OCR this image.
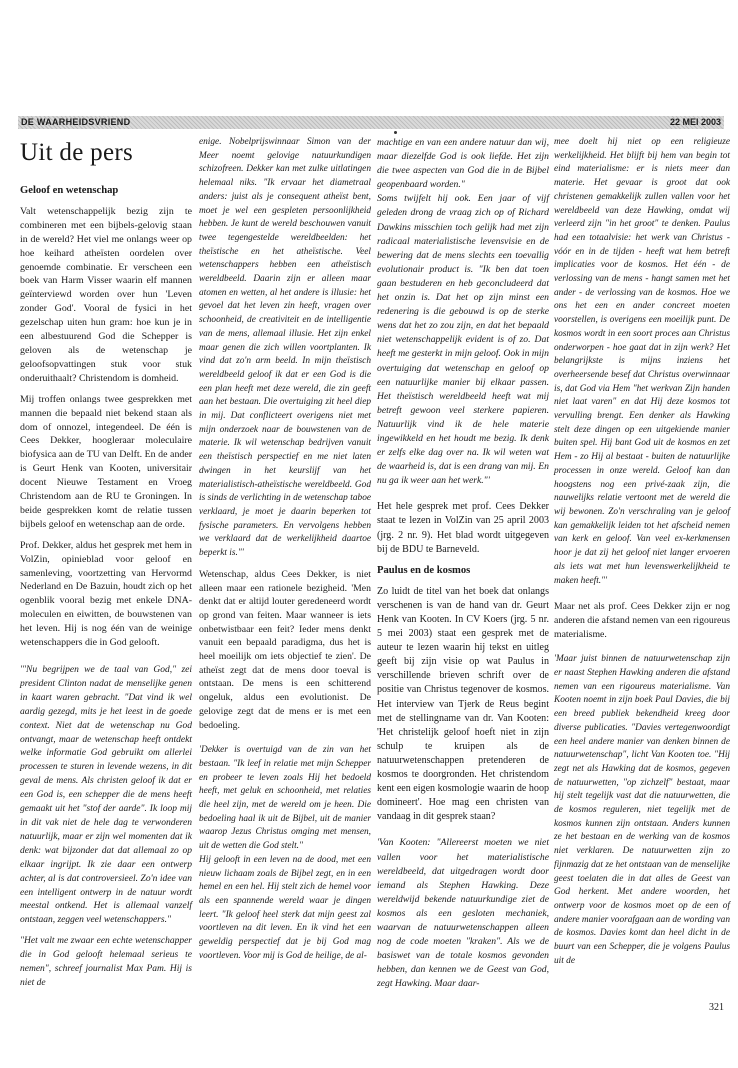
DE WAARHEIDSVRIEND	22 MEI 2003
Uit de pers

Geloof en wetenschap

Valt wetenschappelijk bezig zijn te combineren met een bijbels-gelovig staan in de wereld? Het viel me onlangs weer op hoe keihard atheïsten oordelen over genoemde combinatie. Er verscheen een boek van Harm Visser waarin elf mannen geïnterviewd worden over hun 'Leven zonder God'. Vooral de fysici in het gezelschap uiten hun gram: hoe kun je in een albestuurend God die Schepper is geloven als de wetenschap je geloofsopvattingen stuk voor stuk onderuithaalt? Christendom is domheid.

Mij troffen onlangs twee gesprekken met mannen die bepaald niet bekend staan als dom of onnozel, integendeel. De één is Cees Dekker, hoogleraar moleculaire biofysica aan de TU van Delft. En de ander is Geurt Henk van Kooten, universitair docent Nieuwe Testament en Vroeg Christendom aan de RU te Groningen. In beide gesprekken komt de relatie tussen bijbels geloof en wetenschap aan de orde.

Prof. Dekker, aldus het gesprek met hem in VolZin, opinieblad voor geloof en samenleving, voortzetting van Hervormd Nederland en De Bazuin, houdt zich op het ogenblik vooral bezig met enkele DNA-moleculen en eiwitten, de bouwstenen van het leven. Hij is nog één van de weinige wetenschappers die in God gelooft.

'"Nu begrijpen we de taal van God," zei president Clinton nadat de menselijke genen in kaart waren gebracht. "Dat vind ik wel aardig gezegd, mits je het leest in de goede context. Niet dat de wetenschap nu God ontvangt, maar de wetenschap heeft ontdekt welke informatie God gebruikt om allerlei processen te sturen in levende wezens, in dit geval de mens. Als christen geloof ik dat er een God is, een schepper die de mens heeft gemaakt uit het "stof der aarde". Ik loop mij in dit vak niet de hele dag te verwonderen natuurlijk, maar er zijn wel momenten dat ik denk: wat bijzonder dat dat allemaal zo op elkaar ingrijpt. Ik zie daar een ontwerp achter, al is dat controversieel. Zo'n idee van een intelligent ontwerp in de natuur wordt meestal ontkend. Het is allemaal vanzelf ontstaan, zeggen veel wetenschappers."

"Het valt me zwaar een echte wetenschapper die in God gelooft helemaal serieus te nemen", schreef journalist Max Pam. Hij is niet de

enige. Nobelprijswinnaar Simon van der Meer noemt gelovige natuurkundigen schizofreen. Dekker kan met zulke uitlatingen helemaal niks. "Ik ervaar het diametraal anders: juist als je consequent atheïst bent, moet je wel een gespleten persoonlijkheid hebben. Je kunt de wereld beschouwen vanuit twee tegengestelde wereldbeelden: het theïstische en het atheïstische. Veel wetenschappers hebben een atheïstisch wereldbeeld. Daarin zijn er alleen maar atomen en wetten, al het andere is illusie: het gevoel dat het leven zin heeft, vragen over schoonheid, de creativiteit en de intelligentie van de mens, allemaal illusie. Het zijn enkel maar genen die zich willen voortplanten. Ik vind dat zo'n arm beeld. In mijn theïstisch wereldbeeld geloof ik dat er een God is die een plan heeft met deze wereld, die zin geeft aan het bestaan. Die overtuiging zit heel diep in mij. Dat conflicteert overigens niet met mijn onderzoek naar de bouwstenen van de materie. Ik wil wetenschap bedrijven vanuit een theïstisch perspectief en me niet laten dwingen in het keurslijf van het materialistisch-atheïstische wereldbeeld. God is sinds de verlichting in de wetenschap taboe verklaard, je moet je daarin beperken tot fysische parameters. En vervolgens hebben we verklaard dat de werkelijkheid daartoe beperkt is."'

Wetenschap, aldus Cees Dekker, is niet alleen maar een rationele bezigheid. 'Men denkt dat er altijd louter geredeneerd wordt op grond van feiten. Maar wanneer is iets onbetwistbaar een feit? Ieder mens denkt vanuit een bepaald paradigma, dus het is heel moeilijk om iets objectief te zien'. De atheïst zegt dat de mens door toeval is ontstaan. De mens is een schitterend ongeluk, aldus een evolutionist. De gelovige zegt dat de mens er is met een bedoeling.

'Dekker is overtuigd van de zin van het bestaan. "Ik leef in relatie met mijn Schepper en probeer te leven zoals Hij het bedoeld heeft, met geluk en schoonheid, met relaties die heel zijn, met de wereld om je heen. Die bedoeling haal ik uit de Bijbel, uit de manier waarop Jezus Christus omging met mensen, uit de wetten die God stelt."

Hij gelooft in een leven na de dood, met een nieuw lichaam zoals de Bijbel zegt, en in een hemel en een hel. Hij stelt zich de hemel voor als een spannende wereld waar je dingen leert. "Ik geloof heel sterk dat mijn geest zal voortleven na dit leven. En ik vind het een geweldig perspectief dat je bij God mag voortleven. Voor mij is God de heilige, de al-

machtige en van een andere natuur dan wij, maar diezelfde God is ook liefde. Het zijn die twee aspecten van God die in de Bijbel geopenbaard worden."

Soms twijfelt hij ook. Een jaar of vijf geleden drong de vraag zich op of Richard Dawkins misschien toch gelijk had met zijn radicaal materialistische levensvisie en de bewering dat de mens slechts een toevallig evolutionair product is. "Ik ben dat toen gaan bestuderen en heb geconcludeerd dat het onzin is. Dat het op zijn minst een redenering is die gebouwd is op de sterke wens dat het zo zou zijn, en dat het bepaald niet wetenschappelijk evident is of zo. Dat heeft me gesterkt in mijn geloof. Ook in mijn overtuiging dat wetenschap en geloof op een natuurlijke manier bij elkaar passen. Het theïstisch wereldbeeld heeft wat mij betreft gewoon veel sterkere papieren. Natuurlijk vind ik de hele materie ingewikkeld en het houdt me bezig. Ik denk er zelfs elke dag over na. Ik wil weten wat de waarheid is, dat is een drang van mij. En nu ga ik weer aan het werk."'

Het hele gesprek met prof. Cees Dekker staat te lezen in VolZin van 25 april 2003 (jrg. 2 nr. 9). Het blad wordt uitgegeven bij de BDU te Barneveld.

Paulus en de kosmos

Zo luidt de titel van het boek dat onlangs verschenen is van de hand van dr. Geurt Henk van Kooten. In CV Koers (jrg. 5 nr. 5 mei 2003) staat een gesprek met de auteur te lezen waarin hij tekst en uitleg geeft bij zijn visie op wat Paulus in verschillende brieven schrift over de positie van Christus tegenover de kosmos. Het interview van Tjerk de Reus begint met de stellingname van dr. Van Kooten: 'Het christelijk geloof hoeft niet in zijn schulp te kruipen als de natuurwetenschappen pretenderen de kosmos te doorgronden. Het christendom kent een eigen kosmologie waarin de hoop domineert'. Hoe mag een christen van vandaag in dit gesprek staan?

'Van Kooten: "Allereerst moeten we niet vallen voor het materialistische wereldbeeld, dat uitgedragen wordt door iemand als Stephen Hawking. Deze wereldwijd bekende natuurkundige ziet de kosmos als een gesloten mechaniek, waarvan de natuurwetenschappen alleen nog de code moeten "kraken". Als we de basiswet van de totale kosmos gevonden hebben, dan kennen we de Geest van God, zegt Hawking. Maar daar-

mee doelt hij niet op een religieuze werkelijkheid. Het blijft bij hem van begin tot eind materialisme: er is niets meer dan materie. Het gevaar is groot dat ook christenen gemakkelijk zullen vallen voor het wereldbeeld van deze Hawking, omdat wij verleerd zijn "in het groot" te denken. Paulus had een totaalvisie: het werk van Christus - vóór en in de tijden - heeft wat hem betreft implicaties voor de kosmos. Het één - de verlossing van de mens - hangt samen met het ander - de verlossing van de kosmos. Hoe we ons het een en ander concreet moeten voorstellen, is overigens een moeilijk punt. De kosmos wordt in een soort proces aan Christus onderworpen - hoe gaat dat in zijn werk? Het belangrijkste is mijns inziens het overheersende besef dat Christus overwinnaar is, dat God via Hem "het werkvan Zijn handen niet laat varen" en dat Hij deze kosmos tot vervulling brengt. Een denker als Hawking stelt deze dingen op een uitgekiende manier buiten spel. Hij bant God uit de kosmos en zet Hem - zo Hij al bestaat - buiten de natuurlijke processen in onze wereld. Geloof kan dan hoogstens nog een privé-zaak zijn, die nauwelijks relatie vertoont met de wereld die wij bewonen. Zo'n verschraling van je geloof kan gemakkelijk leiden tot het afscheid nemen van kerk en geloof. Van veel ex-kerkmensen hoor je dat zij het geloof niet langer ervoeren als iets wat met hun levenswerkelijkheid te maken heeft."'

Maar net als prof. Cees Dekker zijn er nog anderen die afstand nemen van een rigoureus materialisme.

'Maar juist binnen de natuurwetenschap zijn er naast Stephen Hawking anderen die afstand nemen van een rigoureus materialisme. Van Kooten noemt in zijn boek Paul Davies, die bij een breed publiek bekendheid kreeg door diverse publicaties. "Davies vertegenwoordigt een heel andere manier van denken binnen de natuurwetenschap", licht Van Kooten toe. "Hij zegt net als Hawking dat de kosmos, gegeven de natuurwetten, "op zichzelf" bestaat, maar hij stelt tegelijk vast dat die natuurwetten, die de kosmos reguleren, niet tegelijk met de kosmos kunnen zijn ontstaan. Anders kunnen ze het bestaan en de werking van de kosmos niet verklaren. De natuurwetten zijn zo fijnmazig dat ze het ontstaan van de menselijke geest toelaten die in dat alles de Geest van God herkent. Met andere woorden, het ontwerp voor de kosmos moet op de een of andere manier voorafgaan aan de wording van de kosmos. Davies komt dan heel dicht in de buurt van een Schepper, die je volgens Paulus uit de

321
